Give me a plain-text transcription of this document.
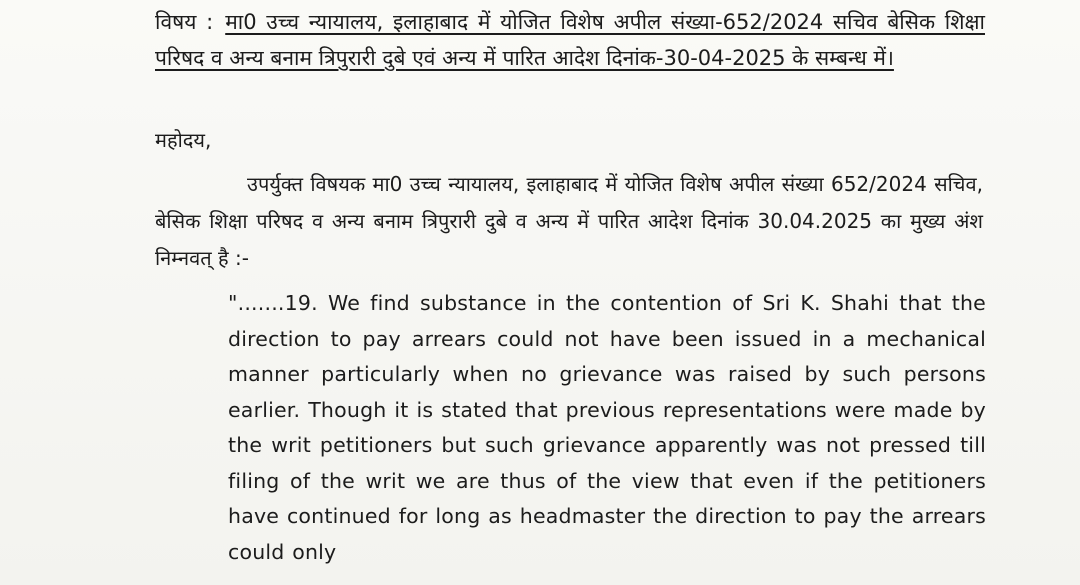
विषय : मा0 उच्च न्यायालय, इलाहाबाद में योजित विशेष अपील संख्या-652/2024 सचिव बेसिक शिक्षा परिषद व अन्य बनाम त्रिपुरारी दुबे एवं अन्य में पारित आदेश दिनांक-30-04-2025 के सम्बन्ध में।
महोदय,
उपर्युक्त विषयक मा0 उच्च न्यायालय, इलाहाबाद में योजित विशेष अपील संख्या 652/2024 सचिव, बेसिक शिक्षा परिषद व अन्य बनाम त्रिपुरारी दुबे व अन्य में पारित आदेश दिनांक 30.04.2025 का मुख्य अंश निम्नवत् है :-
".......19. We find substance in the contention of Sri K. Shahi that the direction to pay arrears could not have been issued in a mechanical manner particularly when no grievance was raised by such persons earlier. Though it is stated that previous representations were made by the writ petitioners but such grievance apparently was not pressed till filing of the writ we are thus of the view that even if the petitioners have continued for long as headmaster the direction to pay the arrears could only
